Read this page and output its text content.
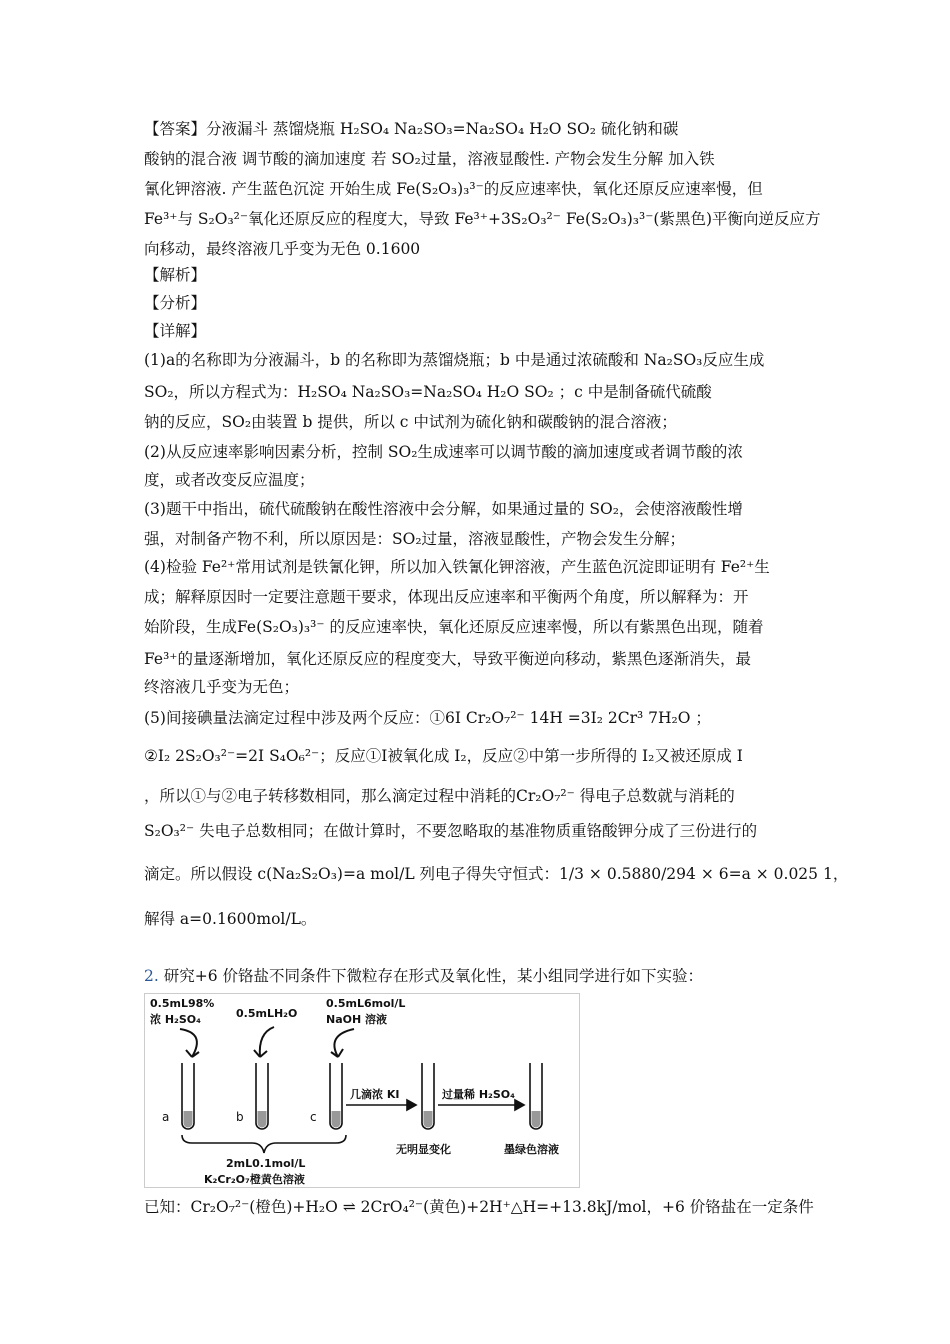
【答案】分液漏斗 蒸馏烧瓶 H₂SO₄ Na₂SO₃=Na₂SO₄ H₂O SO₂ 硫化钠和碳
酸钠的混合液 调节酸的滴加速度 若 SO₂过量，溶液显酸性. 产物会发生分解 加入铁
氰化钾溶液. 产生蓝色沉淀 开始生成 Fe(S₂O₃)₃³⁻的反应速率快，氧化还原反应速率慢，但
Fe³⁺与 S₂O₃²⁻氧化还原反应的程度大，导致 Fe³⁺+3S₂O₃²⁻ Fe(S₂O₃)₃³⁻(紫黑色)平衡向逆反应方
向移动，最终溶液几乎变为无色 0.1600
【解析】
【分析】
【详解】
(1)a的名称即为分液漏斗，b 的名称即为蒸馏烧瓶；b 中是通过浓硫酸和 Na₂SO₃反应生成
SO₂，所以方程式为：H₂SO₄ Na₂SO₃=Na₂SO₄ H₂O SO₂ ；c 中是制备硫代硫酸
钠的反应，SO₂由装置 b 提供，所以 c 中试剂为硫化钠和碳酸钠的混合溶液；
(2)从反应速率影响因素分析，控制 SO₂生成速率可以调节酸的滴加速度或者调节酸的浓
度，或者改变反应温度；
(3)题干中指出，硫代硫酸钠在酸性溶液中会分解，如果通过量的 SO₂，会使溶液酸性增
强，对制备产物不利，所以原因是：SO₂过量，溶液显酸性，产物会发生分解；
(4)检验 Fe²⁺常用试剂是铁氰化钾，所以加入铁氰化钾溶液，产生蓝色沉淀即证明有 Fe²⁺生
成；解释原因时一定要注意题干要求，体现出反应速率和平衡两个角度，所以解释为：开
始阶段，生成Fe(S₂O₃)₃³⁻ 的反应速率快，氧化还原反应速率慢，所以有紫黑色出现，随着
Fe³⁺的量逐渐增加，氧化还原反应的程度变大，导致平衡逆向移动，紫黑色逐渐消失，最
终溶液几乎变为无色；
(5)间接碘量法滴定过程中涉及两个反应：①6I Cr₂O₇²⁻ 14H =3I₂ 2Cr³ 7H₂O ；
②I₂ 2S₂O₃²⁻=2I S₄O₆²⁻；反应①I被氧化成 I₂，反应②中第一步所得的 I₂又被还原成 I
，所以①与②电子转移数相同，那么滴定过程中消耗的Cr₂O₇²⁻ 得电子总数就与消耗的
S₂O₃²⁻ 失电子总数相同；在做计算时，不要忽略取的基准物质重铬酸钾分成了三份进行的
滴定。所以假设 c(Na₂S₂O₃)=a mol/L 列电子得失守恒式：1/3 × 0.5880/294 × 6=a × 0.025 1，
解得 a=0.1600mol/L。
2. 研究+6 价铬盐不同条件下微粒存在形式及氧化性，某小组同学进行如下实验：
0.5mL98%
浓 H₂SO₄	0.5mLH₂O
0.5mL6mol/L
NaOH 溶液
a	b	c
几滴浓 KI	过量稀 H₂SO₄
无明显变化	墨绿色溶液
2mL0.1mol/L
K₂Cr₂O₇橙黄色溶液
已知：Cr₂O₇²⁻(橙色)+H₂O ⇌ 2CrO₄²⁻(黄色)+2H⁺△H=+13.8kJ/mol，+6 价铬盐在一定条件
